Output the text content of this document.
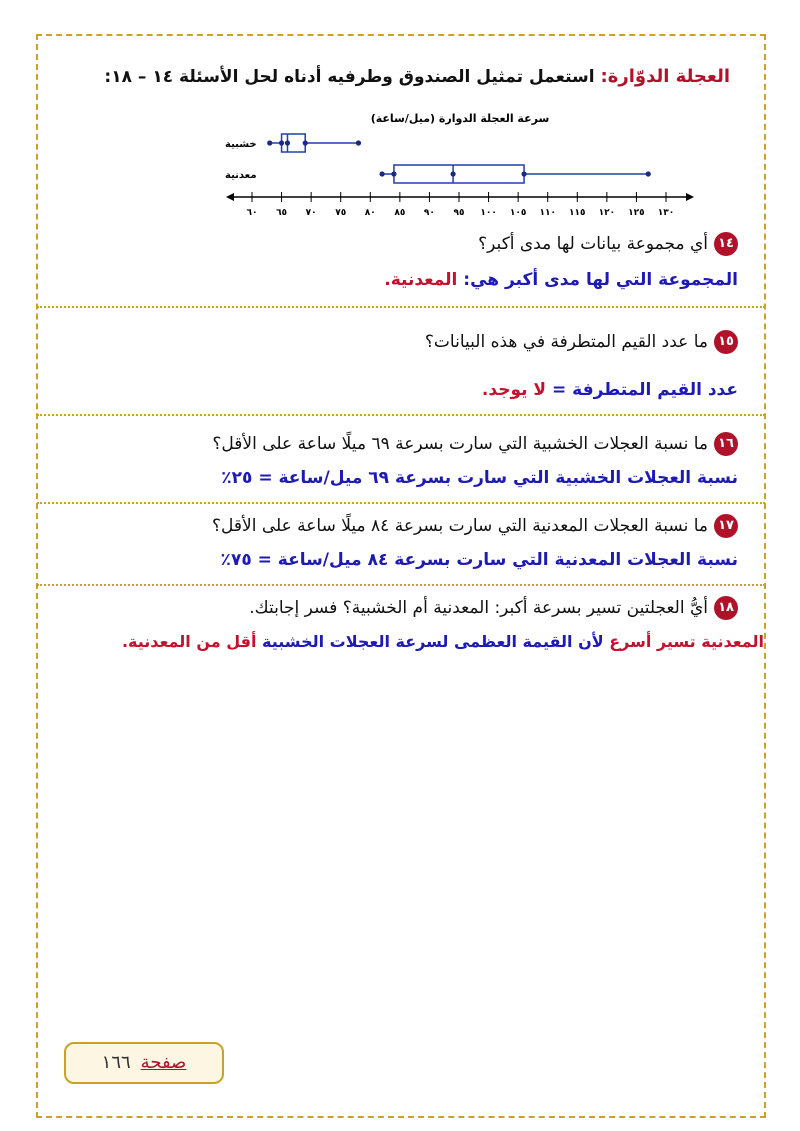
العجلة الدوّارة: استعمل تمثيل الصندوق وطرفيه أدناه لحل الأسئلة ١٤ – ١٨:
سرعة العجلة الدوارة (ميل/ساعة)
٦٠ ٦٥ ٧٠ ٧٥ ٨٠ ٨٥ ٩٠ ٩٥ ١٠٠ ١٠٥ ١١٠ ١١٥ ١٢٠ ١٢٥ ١٣٠
خشبية
معدنية
١٤أي مجموعة بيانات لها مدى أكبر؟
المجموعة التي لها مدى أكبر هي: المعدنية.
١٥ما عدد القيم المتطرفة في هذه البيانات؟
عدد القيم المتطرفة = لا يوجد.
١٦ما نسبة العجلات الخشبية التي سارت بسرعة ٦٩ ميلًا ساعة على الأقل؟
نسبة العجلات الخشبية التي سارت بسرعة ٦٩ ميل/ساعة = ٢٥٪
١٧ما نسبة العجلات المعدنية التي سارت بسرعة ٨٤ ميلًا ساعة على الأقل؟
نسبة العجلات المعدنية التي سارت بسرعة ٨٤ ميل/ساعة = ٧٥٪
١٨أيُّ العجلتين تسير بسرعة أكبر: المعدنية أم الخشبية؟ فسر إجابتك.
المعدنية تسير أسرع لأن القيمة العظمى لسرعة العجلات الخشبية أقل من المعدنية.
صفحة١٦٦
